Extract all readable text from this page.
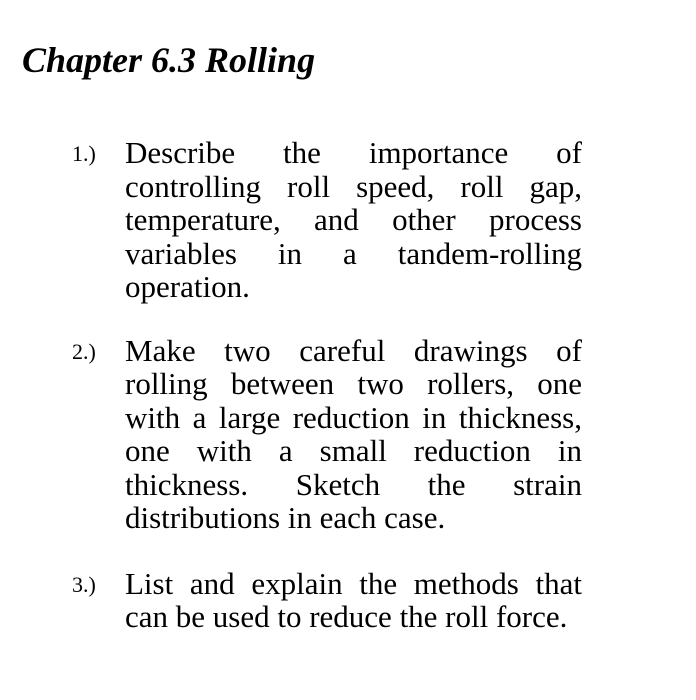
Chapter 6.3 Rolling
1.) Describe the importance of controlling roll speed, roll gap, temperature, and other process variables in a tandem-rolling operation.
2.) Make two careful drawings of rolling between two rollers, one with a large reduction in thickness, one with a small reduction in thickness. Sketch the strain distributions in each case.
3.) List and explain the methods that can be used to reduce the roll force.
